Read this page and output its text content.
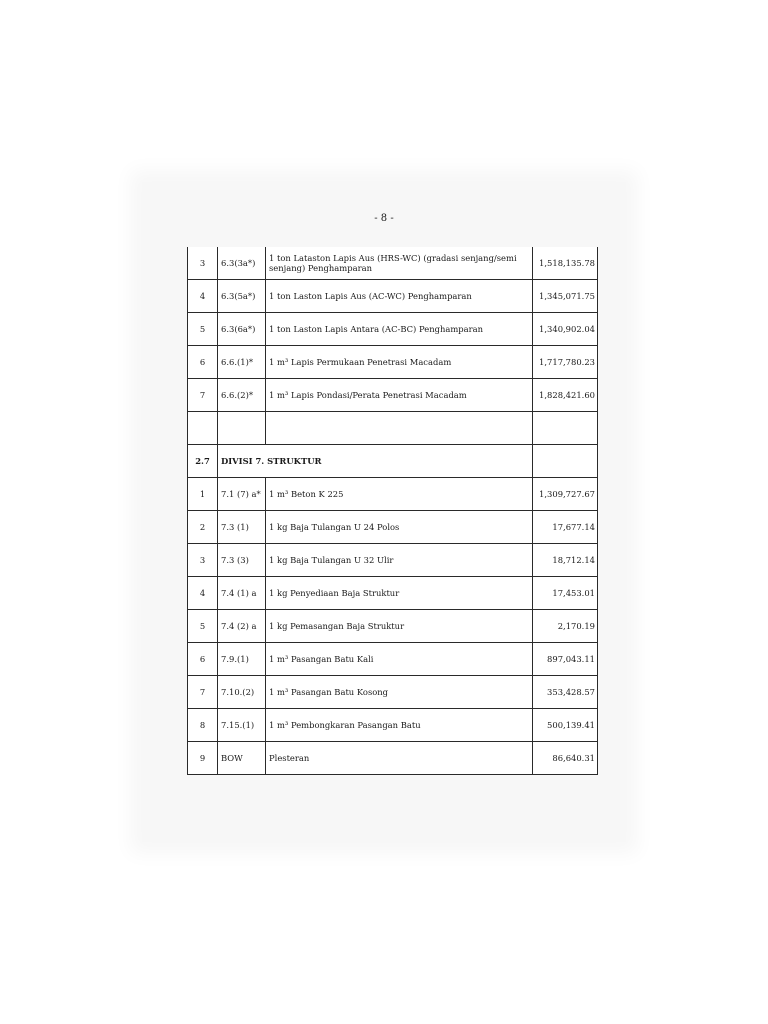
- 8 -
3	6.3(3a*)	1 ton Lataston Lapis Aus (HRS-WC) (gradasi senjang/semi senjang) Penghamparan	1,518,135.78
4	6.3(5a*)	1 ton Laston Lapis Aus (AC-WC) Penghamparan	1,345,071.75
5	6.3(6a*)	1 ton Laston Lapis Antara (AC-BC) Penghamparan	1,340,902.04
6	6.6.(1)*	1 m³ Lapis Permukaan Penetrasi Macadam	1,717,780.23
7	6.6.(2)*	1 m³ Lapis Pondasi/Perata Penetrasi Macadam	1,828,421.60

2.7	DIVISI 7. STRUKTUR		
1	7.1 (7) a*	1 m³ Beton K 225	1,309,727.67
2	7.3 (1)	1 kg Baja Tulangan U 24 Polos	17,677.14
3	7.3 (3)	1 kg Baja Tulangan U 32 Ulir	18,712.14
4	7.4 (1) a	1 kg Penyediaan Baja Struktur	17,453.01
5	7.4 (2) a	1 kg Pemasangan Baja Struktur	2,170.19
6	7.9.(1)	1 m³ Pasangan Batu Kali	897,043.11
7	7.10.(2)	1 m³ Pasangan Batu Kosong	353,428.57
8	7.15.(1)	1 m³ Pembongkaran Pasangan Batu	500,139.41
9	BOW	Plesteran	86,640.31
